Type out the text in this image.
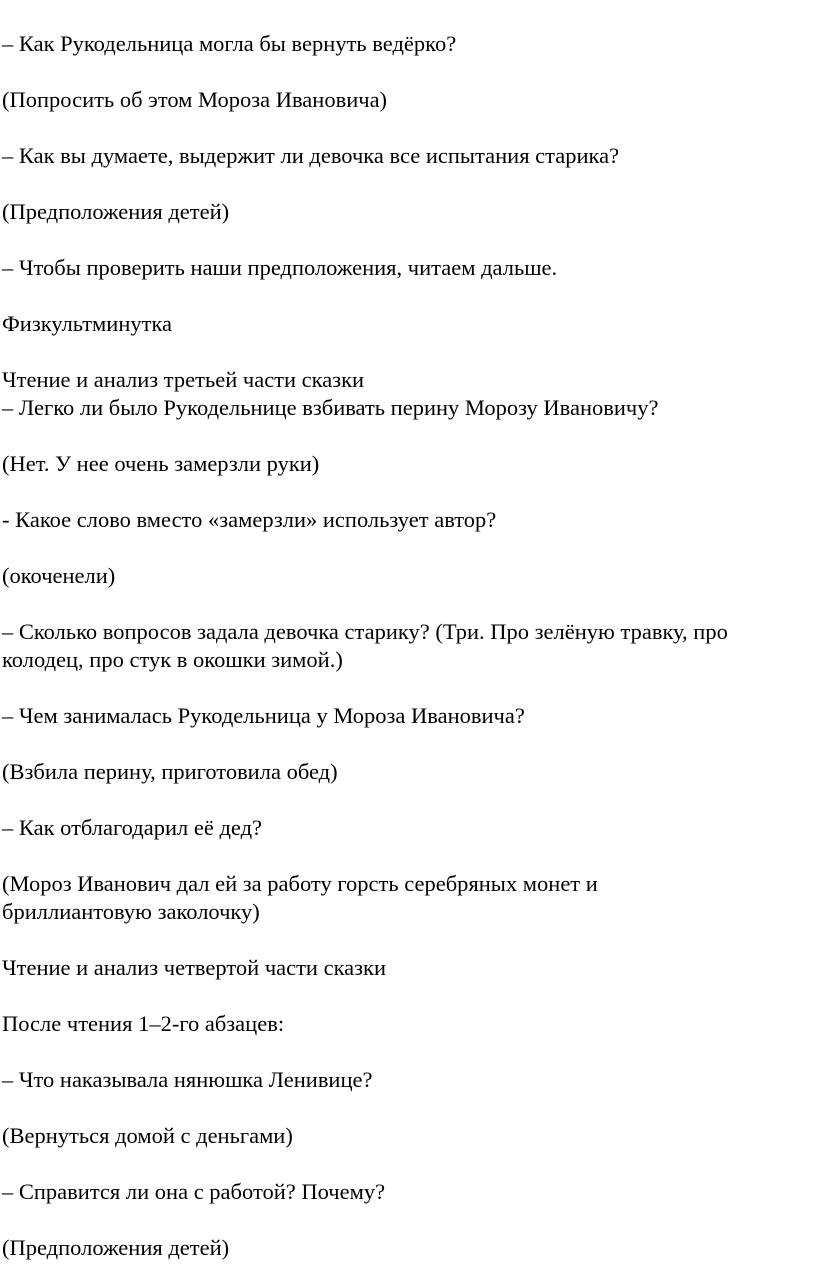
– Как Рукодельница могла бы вернуть ведёрко?
(Попросить об этом Мороза Ивановича)
– Как вы думаете, выдержит ли девочка все испытания старика?
(Предположения детей)
– Чтобы проверить наши предположения, читаем дальше.
Физкультминутка
Чтение и анализ третьей части сказки
– Легко ли было Рукодельнице взбивать перину Морозу Ивановичу?
(Нет. У нее очень замерзли руки)
- Какое слово вместо «замерзли» использует автор?
(окоченели)
– Сколько вопросов задала девочка старику? (Три. Про зелёную травку, про
колодец, про стук в окошки зимой.)
– Чем занималась Рукодельница у Мороза Ивановича?
(Взбила перину, приготовила обед)
– Как отблагодарил её дед?
(Мороз Иванович дал ей за работу горсть серебряных монет и
бриллиантовую заколочку)
Чтение и анализ четвертой части сказки
После чтения 1–2-го абзацев:
– Что наказывала нянюшка Ленивице?
(Вернуться домой с деньгами)
– Справится ли она с работой? Почему?
(Предположения детей)
